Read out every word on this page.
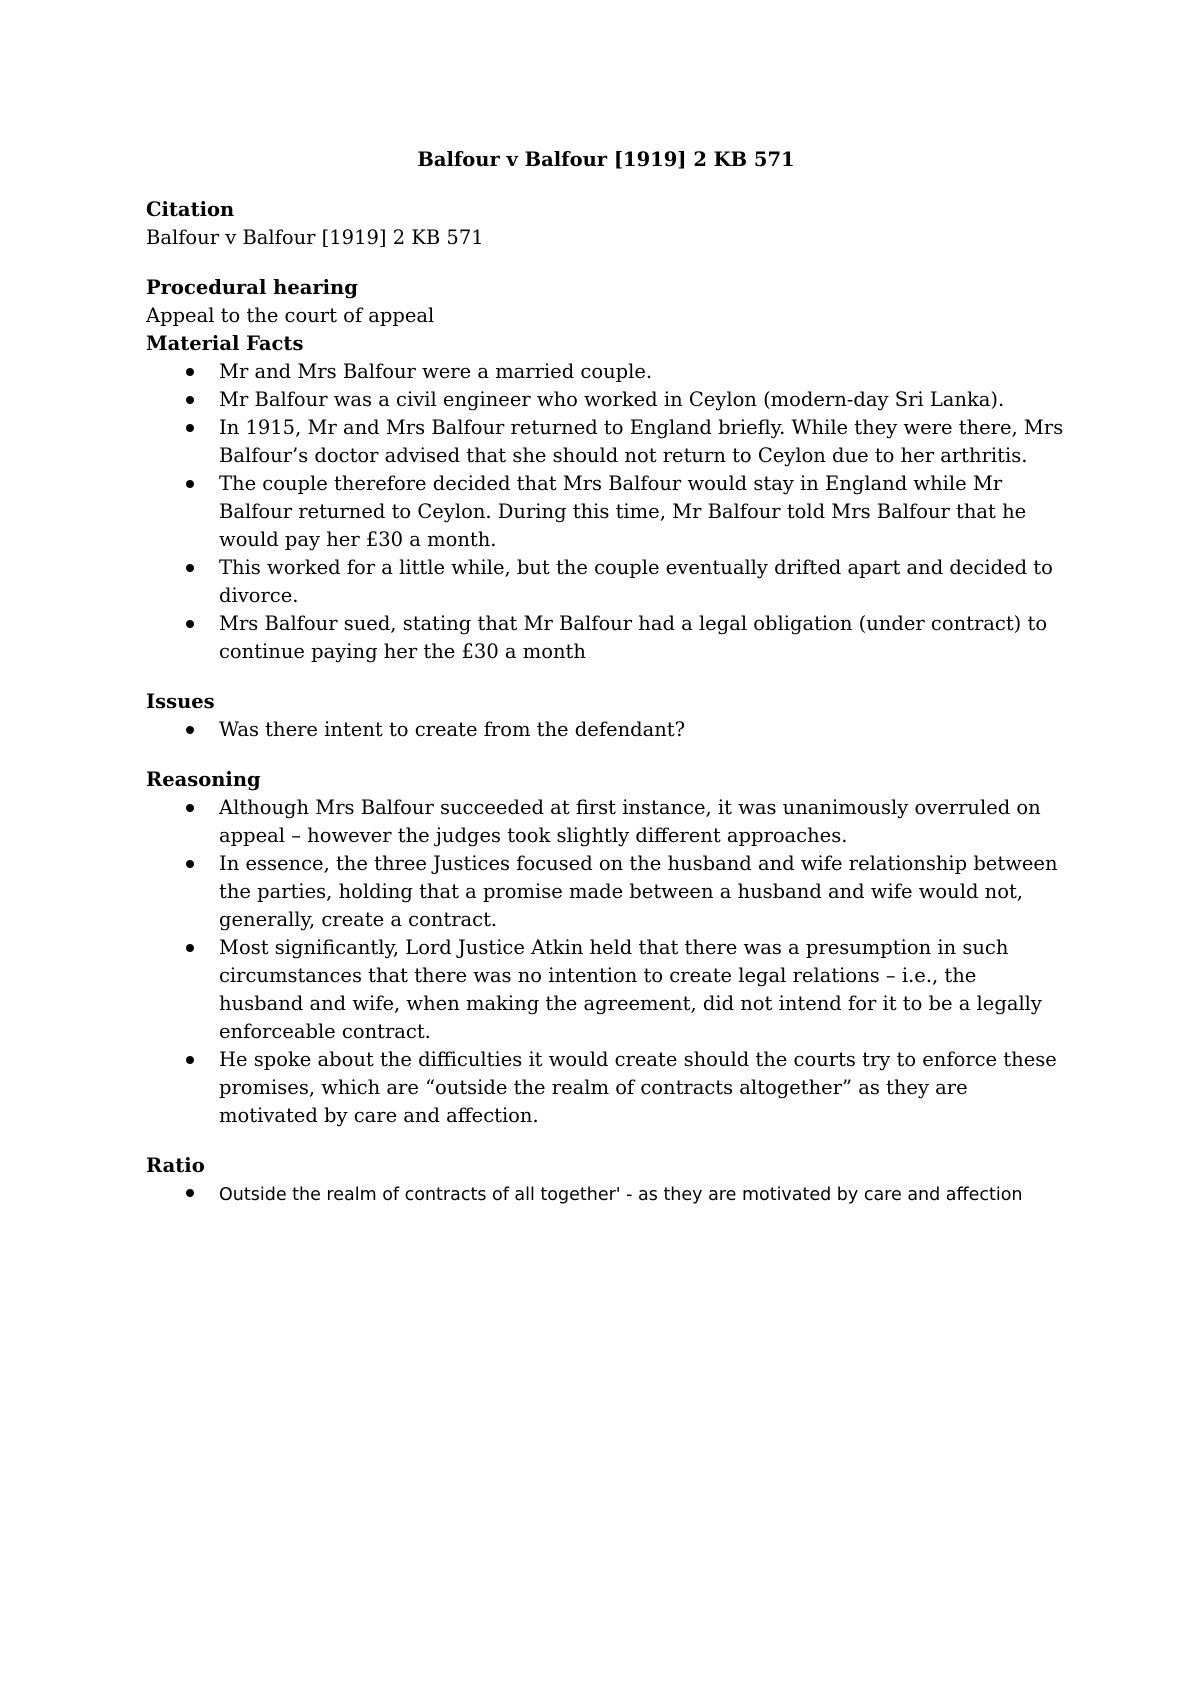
Balfour v Balfour [1919] 2 KB 571

Citation

Balfour v Balfour [1919] 2 KB 571

Procedural hearing

Appeal to the court of appeal

Material Facts

Mr and Mrs Balfour were a married couple.
Mr Balfour was a civil engineer who worked in Ceylon (modern-day Sri Lanka).
In 1915, Mr and Mrs Balfour returned to England briefly. While they were there, Mrs Balfour’s doctor advised that she should not return to Ceylon due to her arthritis.
The couple therefore decided that Mrs Balfour would stay in England while Mr Balfour returned to Ceylon. During this time, Mr Balfour told Mrs Balfour that he would pay her £30 a month.
This worked for a little while, but the couple eventually drifted apart and decided to divorce.
Mrs Balfour sued, stating that Mr Balfour had a legal obligation (under contract) to continue paying her the £30 a month

Issues

Was there intent to create from the defendant?

Reasoning

Although Mrs Balfour succeeded at first instance, it was unanimously overruled on appeal – however the judges took slightly different approaches.
In essence, the three Justices focused on the husband and wife relationship between the parties, holding that a promise made between a husband and wife would not, generally, create a contract.
Most significantly, Lord Justice Atkin held that there was a presumption in such circumstances that there was no intention to create legal relations – i.e., the husband and wife, when making the agreement, did not intend for it to be a legally enforceable contract.
He spoke about the difficulties it would create should the courts try to enforce these promises, which are “outside the realm of contracts altogether” as they are motivated by care and affection.

Ratio

Outside the realm of contracts of all together' - as they are motivated by care and affection
